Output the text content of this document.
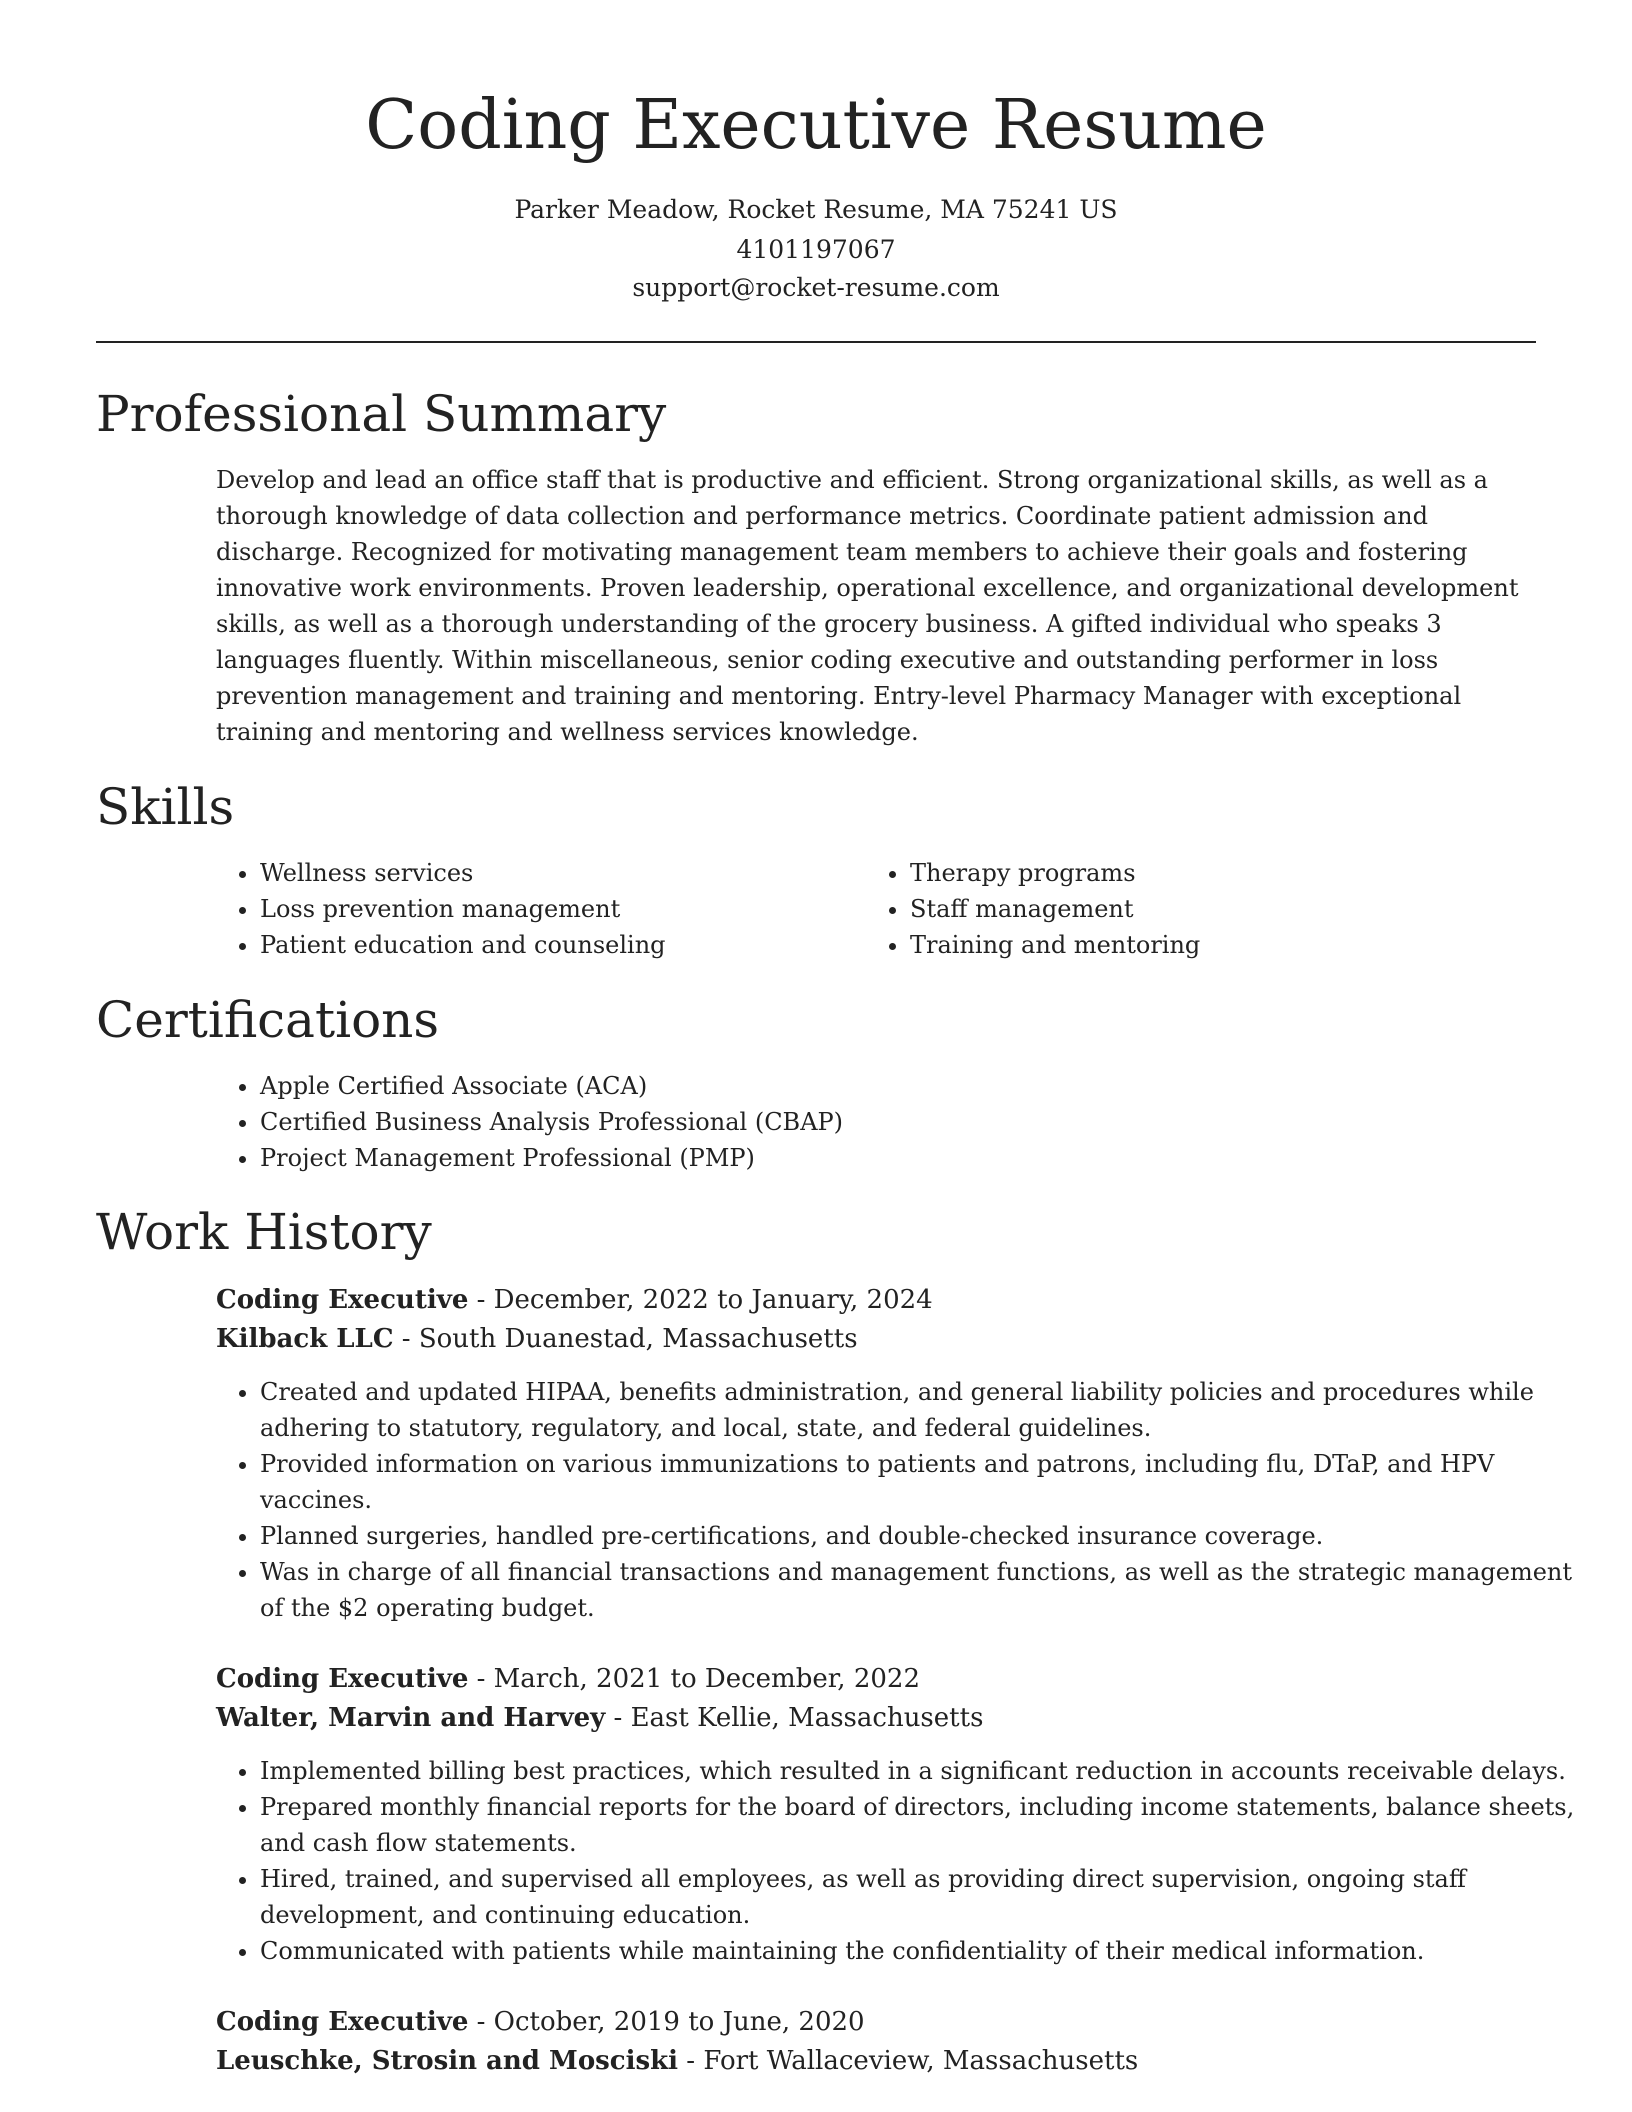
Coding Executive Resume
Parker Meadow, Rocket Resume, MA 75241 US
4101197067
support@rocket-resume.com
Professional Summary

Develop and lead an office staff that is productive and efficient. Strong organizational skills, as well as a thorough knowledge of data collection and performance metrics. Coordinate patient admission and discharge. Recognized for motivating management team members to achieve their goals and fostering innovative work environments. Proven leadership, operational excellence, and organizational development skills, as well as a thorough understanding of the grocery business. A gifted individual who speaks 3 languages fluently. Within miscellaneous, senior coding executive and outstanding performer in loss prevention management and training and mentoring. Entry-level Pharmacy Manager with exceptional training and mentoring and wellness services knowledge.

Skills
• Wellness services
• Loss prevention management
• Patient education and counseling
• Therapy programs
• Staff management
• Training and mentoring
Certifications
• Apple Certified Associate (ACA)
• Certified Business Analysis Professional (CBAP)
• Project Management Professional (PMP)
Work History
Coding Executive - December, 2022 to January, 2024
Kilback LLC - South Duanestad, Massachusetts
• Created and updated HIPAA, benefits administration, and general liability policies and procedures while adhering to statutory, regulatory, and local, state, and federal guidelines.
• Provided information on various immunizations to patients and patrons, including flu, DTaP, and HPV vaccines.
• Planned surgeries, handled pre-certifications, and double-checked insurance coverage.
• Was in charge of all financial transactions and management functions, as well as the strategic management of the $2 operating budget.
Coding Executive - March, 2021 to December, 2022
Walter, Marvin and Harvey - East Kellie, Massachusetts
• Implemented billing best practices, which resulted in a significant reduction in accounts receivable delays.
• Prepared monthly financial reports for the board of directors, including income statements, balance sheets, and cash flow statements.
• Hired, trained, and supervised all employees, as well as providing direct supervision, ongoing staff development, and continuing education.
• Communicated with patients while maintaining the confidentiality of their medical information.
Coding Executive - October, 2019 to June, 2020
Leuschke, Strosin and Mosciski - Fort Wallaceview, Massachusetts
